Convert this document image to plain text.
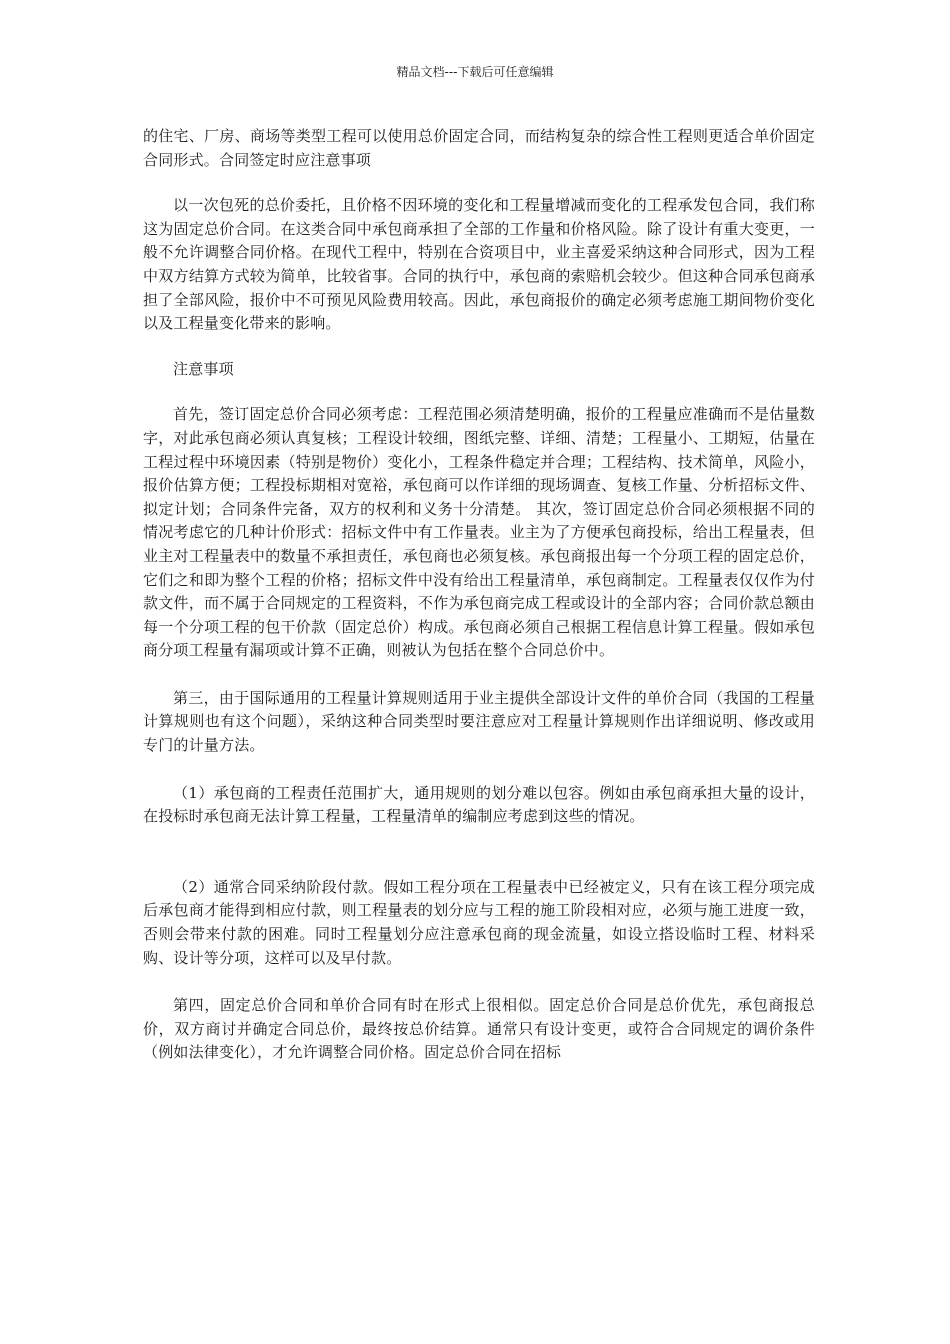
精品文档---下载后可任意编辑

的住宅、厂房、商场等类型工程可以使用总价固定合同，而结构复杂的综合性工程则更适合单价固定合同形式。合同签定时应注意事项

以一次包死的总价委托，且价格不因环境的变化和工程量增减而变化的工程承发包合同，我们称这为固定总价合同。在这类合同中承包商承担了全部的工作量和价格风险。除了设计有重大变更，一般不允许调整合同价格。在现代工程中，特别在合资项目中，业主喜爱采纳这种合同形式，因为工程中双方结算方式较为简单，比较省事。合同的执行中，承包商的索赔机会较少。但这种合同承包商承担了全部风险，报价中不可预见风险费用较高。因此，承包商报价的确定必须考虑施工期间物价变化以及工程量变化带来的影响。

注意事项

首先，签订固定总价合同必须考虑：工程范围必须清楚明确，报价的工程量应准确而不是估量数字，对此承包商必须认真复核；工程设计较细，图纸完整、详细、清楚；工程量小、工期短，估量在工程过程中环境因素（特别是物价）变化小，工程条件稳定并合理；工程结构、技术简单，风险小，报价估算方便；工程投标期相对宽裕，承包商可以作详细的现场调查、复核工作量、分析招标文件、拟定计划；合同条件完备，双方的权利和义务十分清楚。 其次，签订固定总价合同必须根据不同的情况考虑它的几种计价形式：招标文件中有工作量表。业主为了方便承包商投标，给出工程量表，但业主对工程量表中的数量不承担责任，承包商也必须复核。承包商报出每一个分项工程的固定总价，它们之和即为整个工程的价格；招标文件中没有给出工程量清单，承包商制定。工程量表仅仅作为付款文件，而不属于合同规定的工程资料，不作为承包商完成工程或设计的全部内容；合同价款总额由每一个分项工程的包干价款（固定总价）构成。承包商必须自己根据工程信息计算工程量。假如承包商分项工程量有漏项或计算不正确，则被认为包括在整个合同总价中。

第三，由于国际通用的工程量计算规则适用于业主提供全部设计文件的单价合同（我国的工程量计算规则也有这个问题），采纳这种合同类型时要注意应对工程量计算规则作出详细说明、修改或用专门的计量方法。

（1）承包商的工程责任范围扩大，通用规则的划分难以包容。例如由承包商承担大量的设计，在投标时承包商无法计算工程量，工程量清单的编制应考虑到这些的情况。

（2）通常合同采纳阶段付款。假如工程分项在工程量表中已经被定义，只有在该工程分项完成后承包商才能得到相应付款，则工程量表的划分应与工程的施工阶段相对应，必须与施工进度一致，否则会带来付款的困难。同时工程量划分应注意承包商的现金流量，如设立搭设临时工程、材料采购、设计等分项，这样可以及早付款。

第四，固定总价合同和单价合同有时在形式上很相似。固定总价合同是总价优先，承包商报总价，双方商讨并确定合同总价，最终按总价结算。通常只有设计变更，或符合合同规定的调价条件（例如法律变化），才允许调整合同价格。固定总价合同在招标
